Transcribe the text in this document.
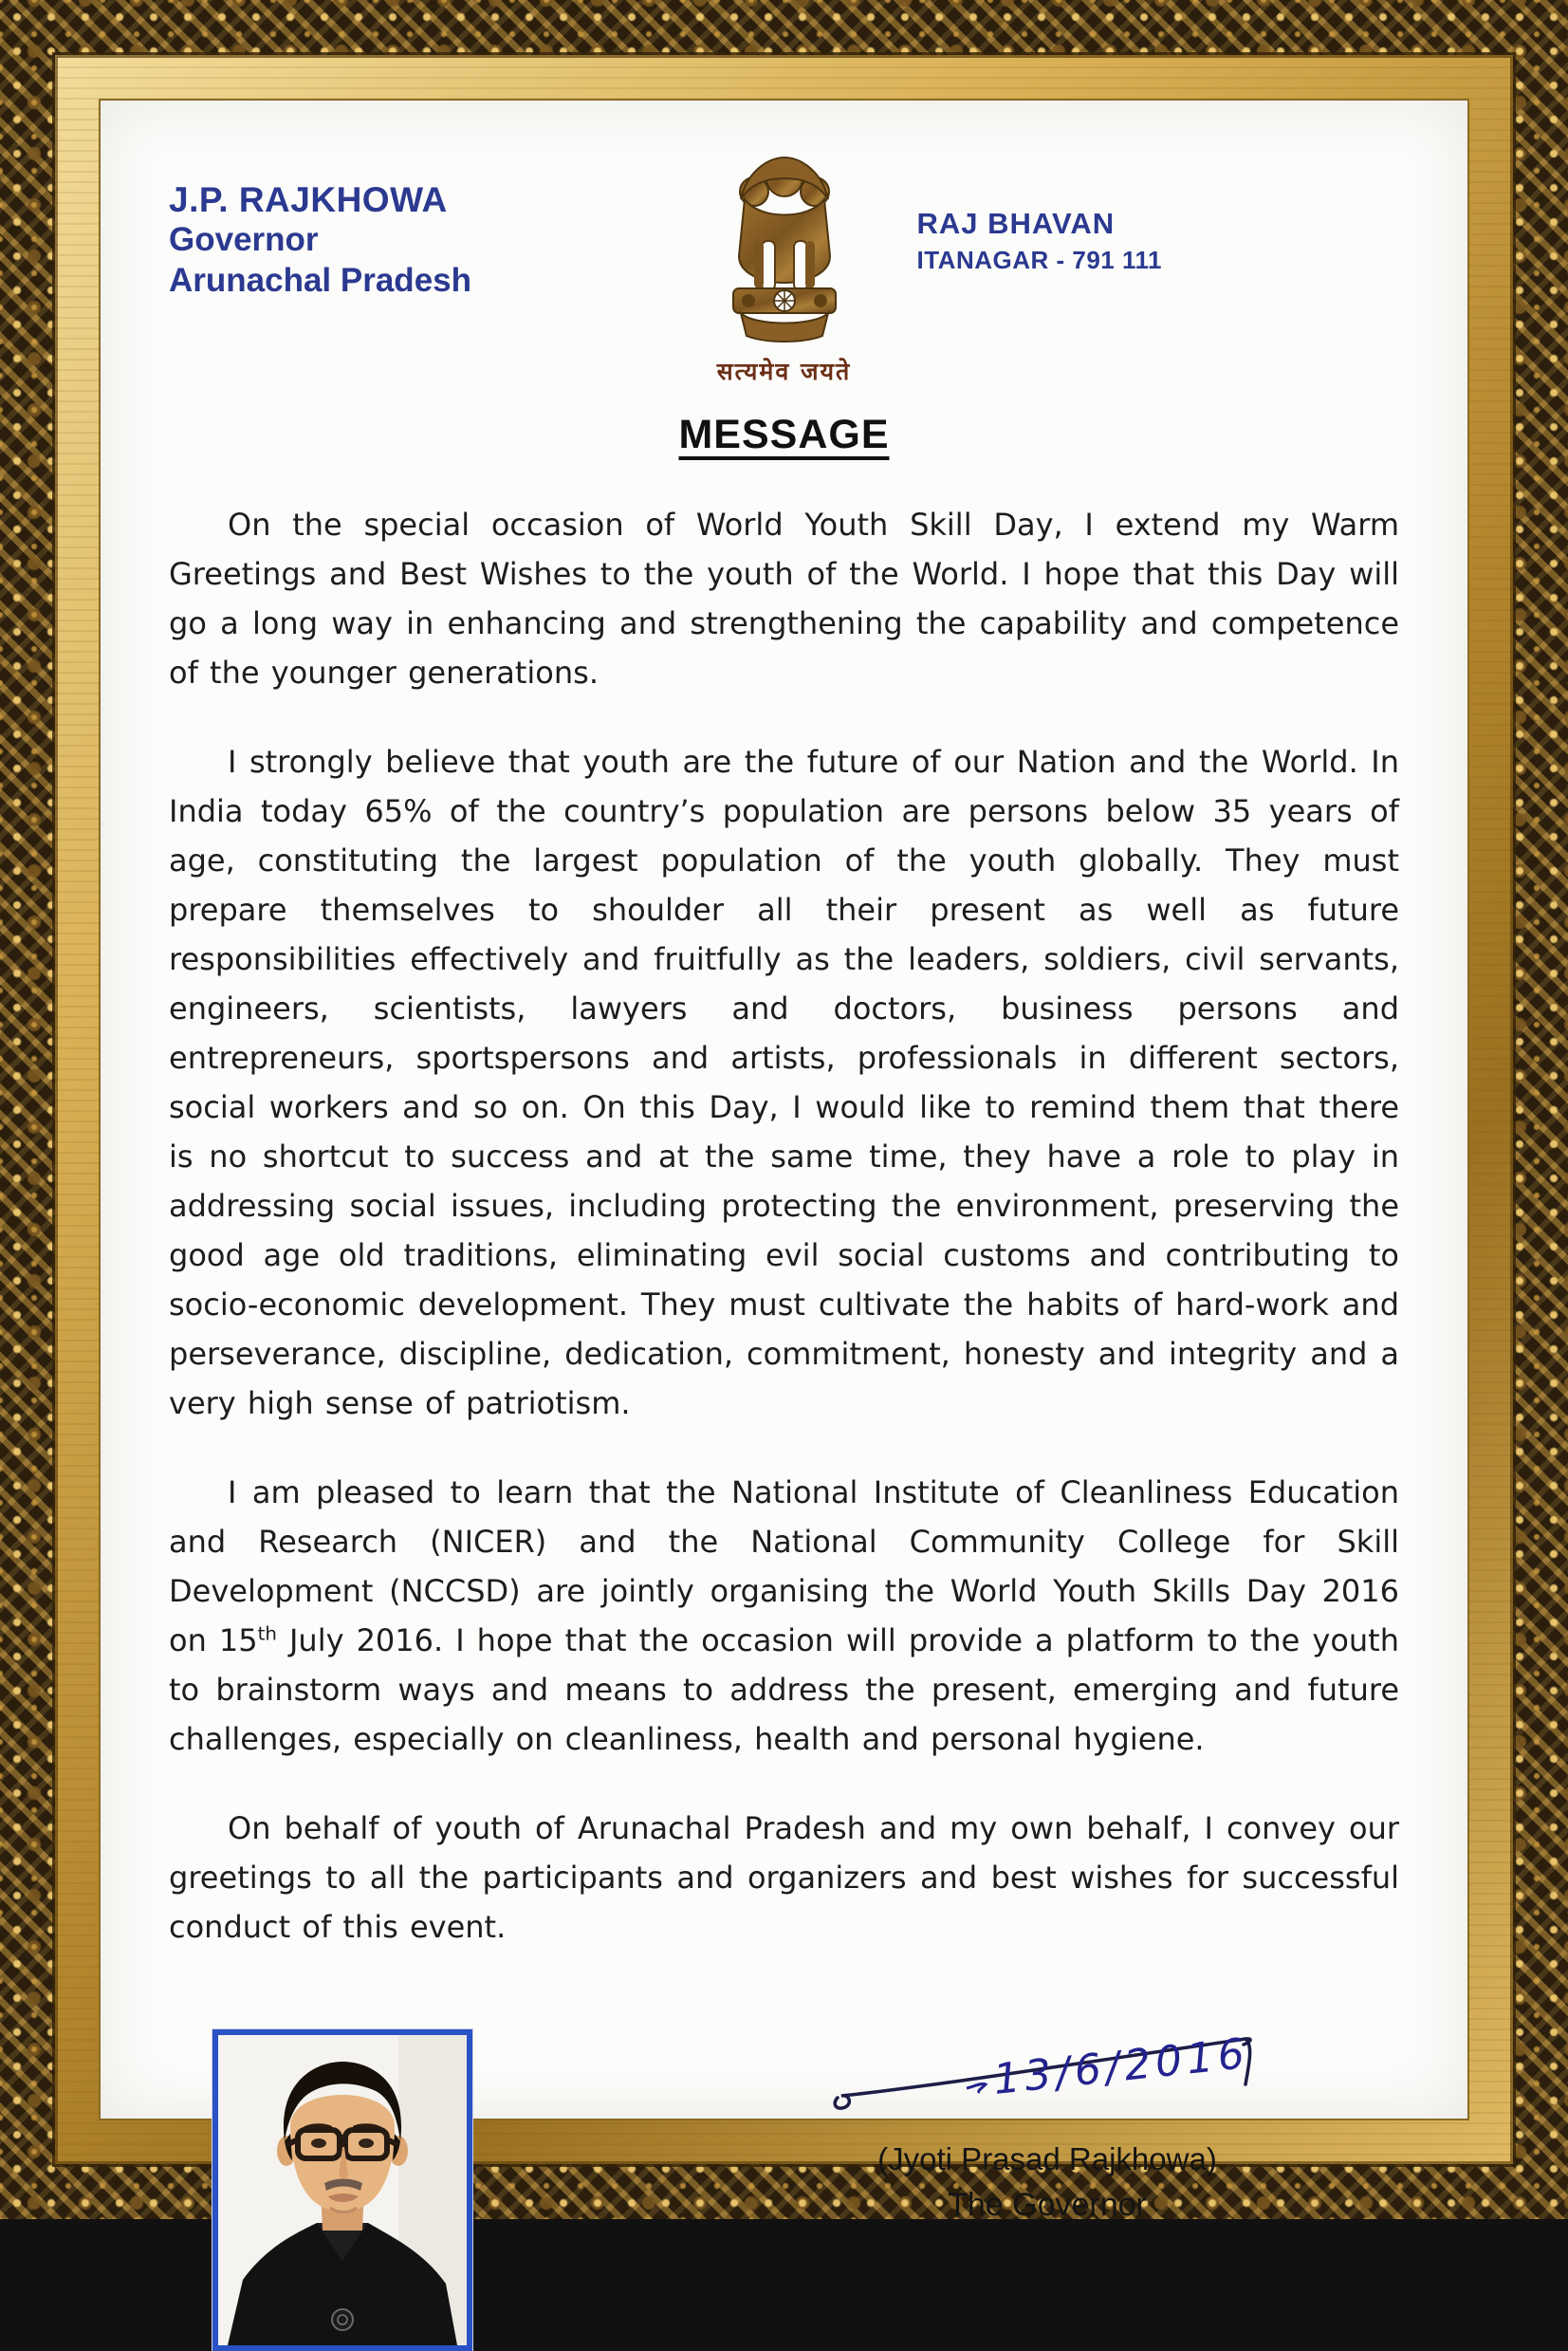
J.P. RAJKHOWA
Governor
Arunachal Pradesh
सत्यमेव जयते
RAJ BHAVAN
ITANAGAR - 791 111
MESSAGE

On the special occasion of World Youth Skill Day, I extend my Warm Greetings and Best Wishes to the youth of the World. I hope that this Day will go a long way in enhancing and strengthening the capability and competence of the younger generations.

I strongly believe that youth are the future of our Nation and the World. In India today 65% of the country’s population are persons below 35 years of age, constituting the largest population of the youth globally. They must prepare themselves to shoulder all their present as well as future responsibilities effectively and fruitfully as the leaders, soldiers, civil servants, engineers, scientists, lawyers and doctors, business persons and entrepreneurs, sportspersons and artists, professionals in different sectors, social workers and so on. On this Day, I would like to remind them that there is no shortcut to success and at the same time, they have a role to play in addressing social issues, including protecting the environment, preserving the good age old traditions, eliminating evil social customs and contributing to socio-economic development. They must cultivate the habits of hard-work and perseverance, discipline, dedication, commitment, honesty and integrity and a very high sense of patriotism.

I am pleased to learn that the National Institute of Cleanliness Education and Research (NICER) and the National Community College for Skill Development (NCCSD) are jointly organising the World Youth Skills Day 2016 on 15th July 2016. I hope that the occasion will provide a platform to the youth to brainstorm ways and means to address the present, emerging and future challenges, especially on cleanliness, health and personal hygiene.

On behalf of youth of Arunachal Pradesh and my own behalf, I convey our greetings to all the participants and organizers and best wishes for successful conduct of this event.

13/6/2016
(Jyoti Prasad Rajkhowa)
The Governor
